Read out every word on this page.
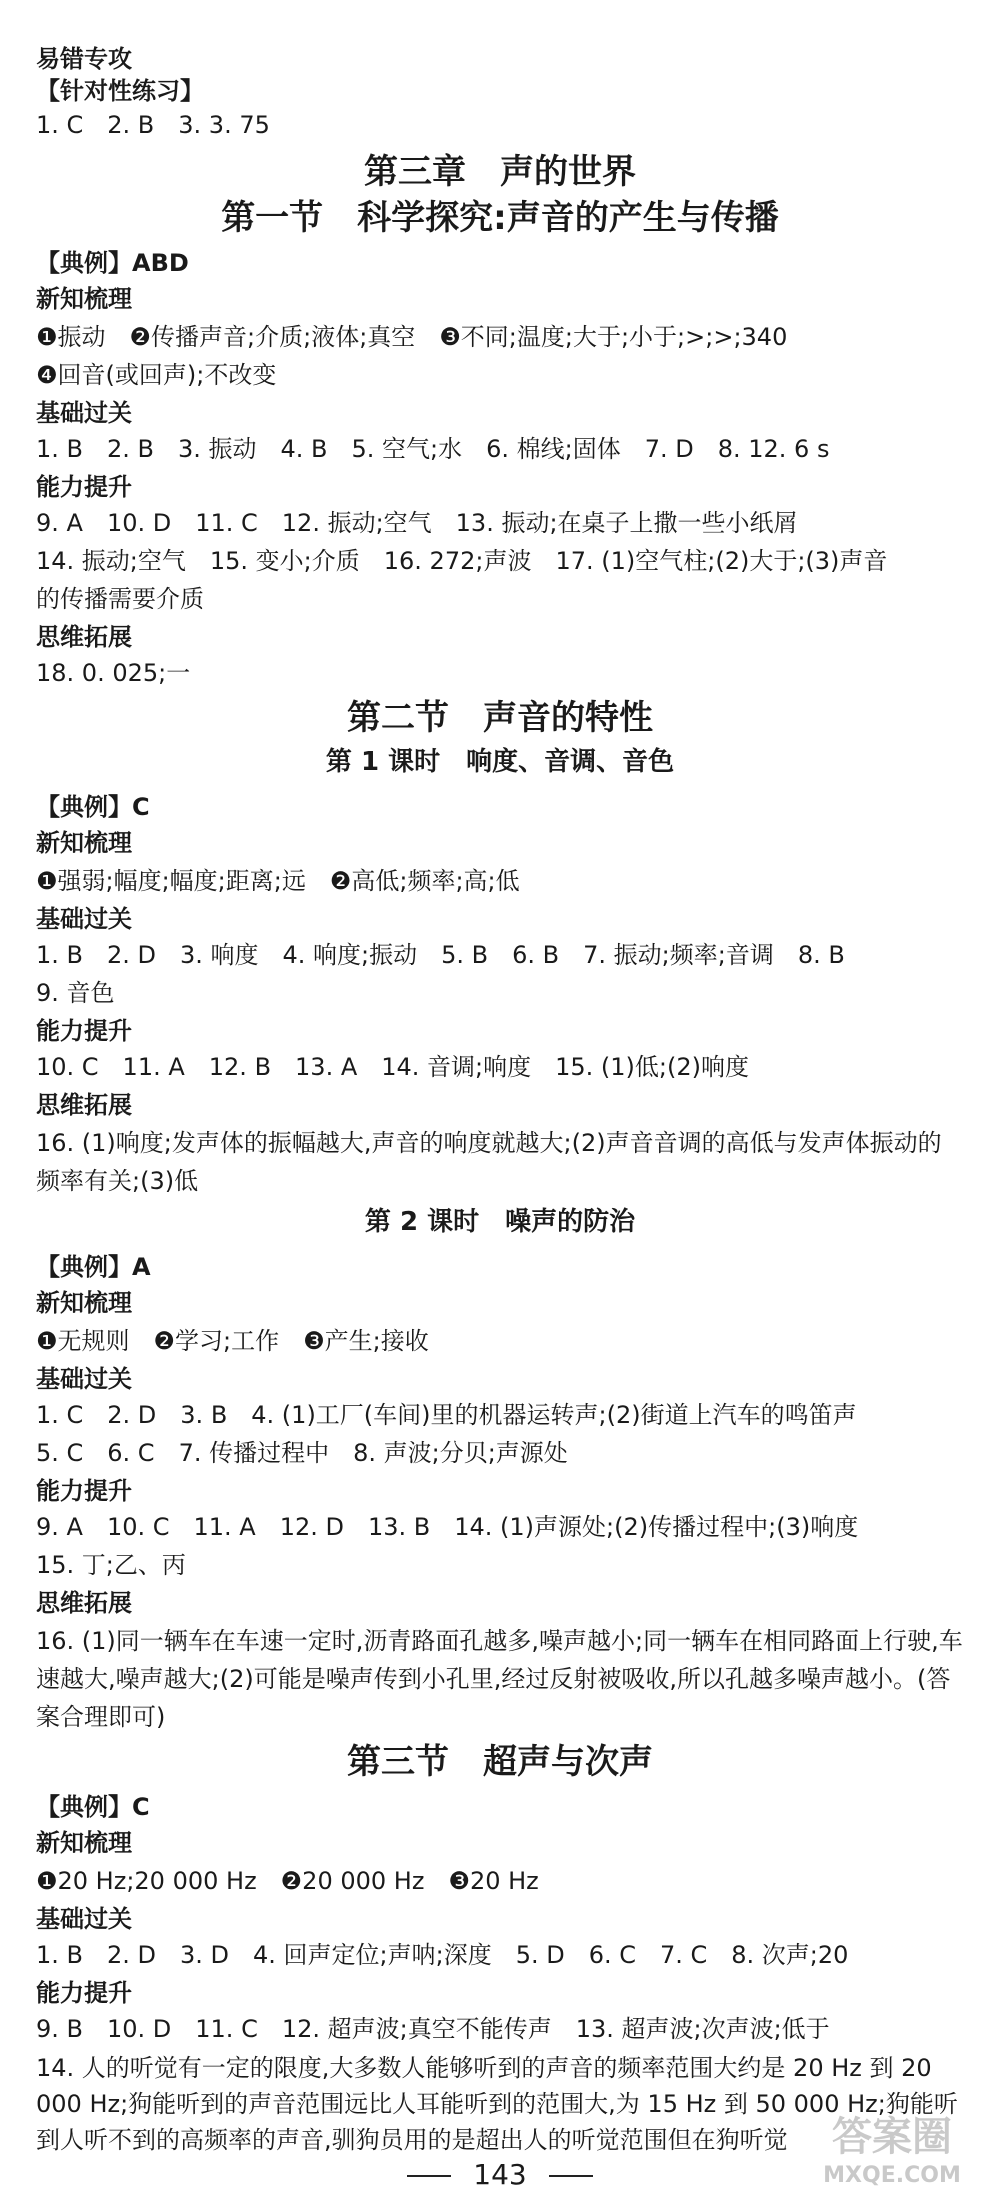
易错专攻
【针对性练习】
1. C　2. B　3. 3. 75
第三章　声的世界
第一节　科学探究:声音的产生与传播
【典例】ABD
新知梳理
❶振动　❷传播声音;介质;液体;真空　❸不同;温度;大于;小于;>;>;340
❹回音(或回声);不改变
基础过关
1. B　2. B　3. 振动　4. B　5. 空气;水　6. 棉线;固体　7. D　8. 12. 6 s
能力提升
9. A　10. D　11. C　12. 振动;空气　13. 振动;在桌子上撒一些小纸屑
14. 振动;空气　15. 变小;介质　16. 272;声波　17. (1)空气柱;(2)大于;(3)声音
的传播需要介质
思维拓展
18. 0. 025;一
第二节　声音的特性
第 1 课时　响度、音调、音色
【典例】C
新知梳理
❶强弱;幅度;幅度;距离;远　❷高低;频率;高;低
基础过关
1. B　2. D　3. 响度　4. 响度;振动　5. B　6. B　7. 振动;频率;音调　8. B
9. 音色
能力提升
10. C　11. A　12. B　13. A　14. 音调;响度　15. (1)低;(2)响度
思维拓展
16. (1)响度;发声体的振幅越大,声音的响度就越大;(2)声音音调的高低与发声体振动的频率有关;(3)低
第 2 课时　噪声的防治
【典例】A
新知梳理
❶无规则　❷学习;工作　❸产生;接收
基础过关
1. C　2. D　3. B　4. (1)工厂(车间)里的机器运转声;(2)街道上汽车的鸣笛声
5. C　6. C　7. 传播过程中　8. 声波;分贝;声源处
能力提升
9. A　10. C　11. A　12. D　13. B　14. (1)声源处;(2)传播过程中;(3)响度
15. 丁;乙、丙
思维拓展
16. (1)同一辆车在车速一定时,沥青路面孔越多,噪声越小;同一辆车在相同路面上行驶,车速越大,噪声越大;(2)可能是噪声传到小孔里,经过反射被吸收,所以孔越多噪声越小。(答案合理即可)
第三节　超声与次声
【典例】C
新知梳理
❶20 Hz;20 000 Hz　❷20 000 Hz　❸20 Hz
基础过关
1. B　2. D　3. D　4. 回声定位;声呐;深度　5. D　6. C　7. C　8. 次声;20
能力提升
9. B　10. D　11. C　12. 超声波;真空不能传声　13. 超声波;次声波;低于
14. 人的听觉有一定的限度,大多数人能够听到的声音的频率范围大约是 20 Hz 到 20 000 Hz;狗能听到的声音范围远比人耳能听到的范围大,为 15 Hz 到 50 000 Hz;狗能听到人听不到的高频率的声音,驯狗员用的是超出人的听觉范围但在狗听觉
143
答案圈
MXQE.COM
